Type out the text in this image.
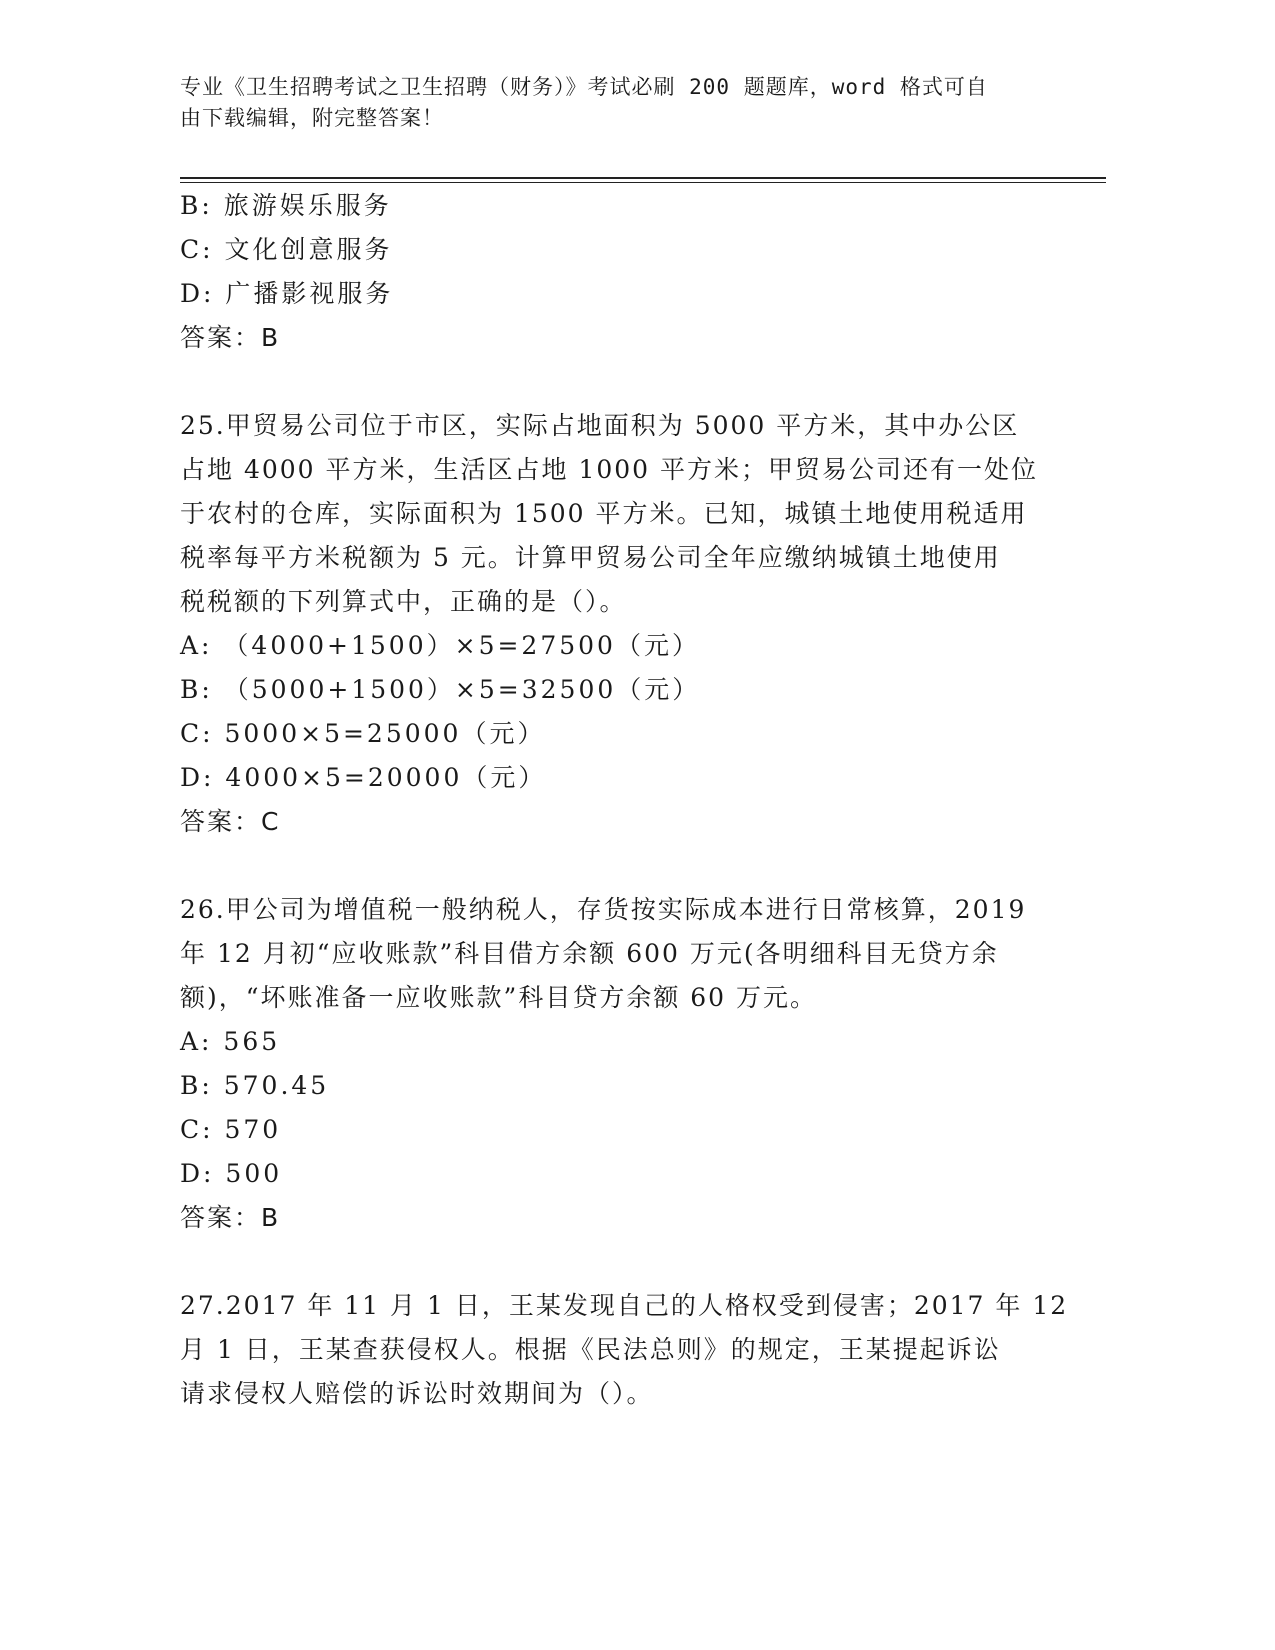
专业《卫生招聘考试之卫生招聘（财务）》考试必刷 200 题题库，word 格式可自
由下载编辑，附完整答案！
B: 旅游娱乐服务
C: 文化创意服务
D: 广播影视服务
答案：B
25.甲贸易公司位于市区，实际占地面积为 5000 平方米，其中办公区
占地 4000 平方米，生活区占地 1000 平方米；甲贸易公司还有一处位
于农村的仓库，实际面积为 1500 平方米。已知，城镇土地使用税适用
税率每平方米税额为 5 元。计算甲贸易公司全年应缴纳城镇土地使用
税税额的下列算式中，正确的是（）。
A: （4000+1500）×5=27500（元）
B: （5000+1500）×5=32500（元）
C: 5000×5=25000（元）
D: 4000×5=20000（元）
答案：C
26.甲公司为增值税一般纳税人，存货按实际成本进行日常核算，2019
年 12 月初“应收账款”科目借方余额 600 万元(各明细科目无贷方余
额)，“坏账准备一应收账款”科目贷方余额 60 万元。
A: 565
B: 570.45
C: 570
D: 500
答案：B
27.2017 年 11 月 1 日，王某发现自己的人格权受到侵害；2017 年 12
月 1 日，王某查获侵权人。根据《民法总则》的规定，王某提起诉讼
请求侵权人赔偿的诉讼时效期间为（）。
